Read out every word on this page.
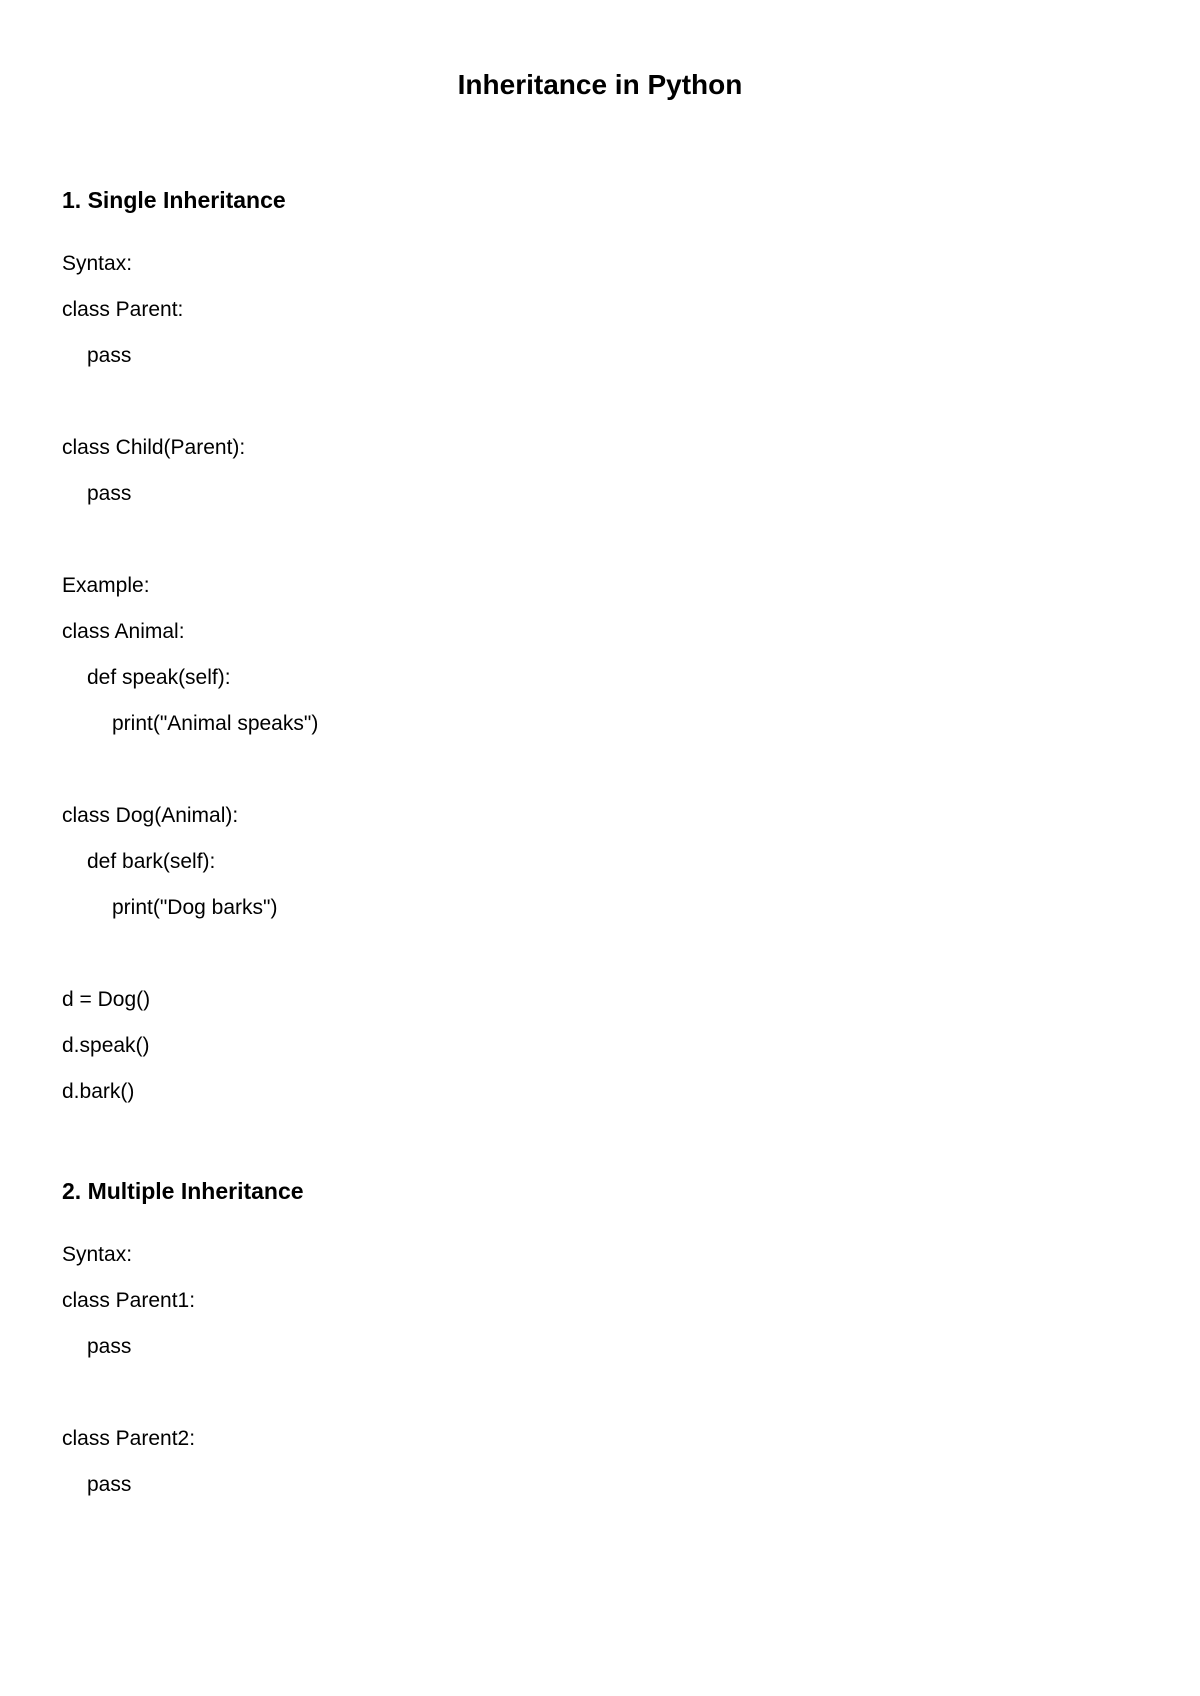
Inheritance in Python
1. Single Inheritance
Syntax:
class Parent:
pass
class Child(Parent):
pass
Example:
class Animal:
def speak(self):
print("Animal speaks")
class Dog(Animal):
def bark(self):
print("Dog barks")
d = Dog()
d.speak()
d.bark()
2. Multiple Inheritance
Syntax:
class Parent1:
pass
class Parent2:
pass
